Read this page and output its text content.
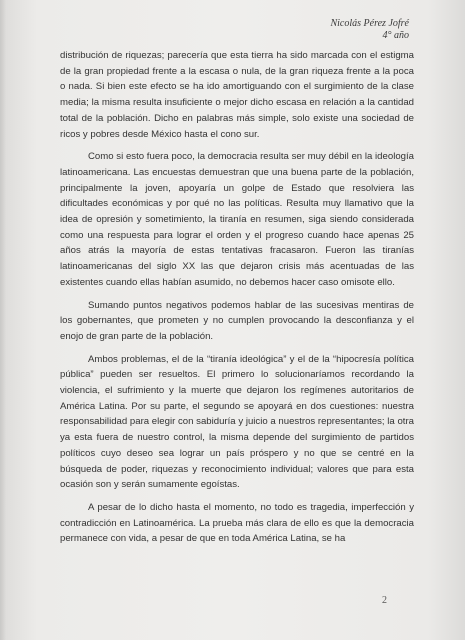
Nicolás Pérez Jofré
4° año

distribución de riquezas; parecería que esta tierra ha sido marcada con el estigma de la gran propiedad frente a la escasa o nula, de la gran riqueza frente a la poca o nada. Si bien este efecto se ha ido amortiguando con el surgimiento de la clase media; la misma resulta insuficiente o mejor dicho escasa en relación a la cantidad total de la población. Dicho en palabras más simple, solo existe una sociedad de ricos y pobres desde México hasta el cono sur.

Como si esto fuera poco, la democracia resulta ser muy débil en la ideología latinoamericana. Las encuestas demuestran que una buena parte de la población, principalmente la joven, apoyaría un golpe de Estado que resolviera las dificultades económicas y por qué no las políticas. Resulta muy llamativo que la idea de opresión y sometimiento, la tiranía en resumen, siga siendo considerada como una respuesta para lograr el orden y el progreso cuando hace apenas 25 años atrás la mayoría de estas tentativas fracasaron. Fueron las tiranías latinoamericanas del siglo XX las que dejaron crisis más acentuadas de las existentes cuando ellas habían asumido, no debemos hacer caso omisote ello.

Sumando puntos negativos podemos hablar de las sucesivas mentiras de los gobernantes, que prometen y no cumplen provocando la desconfianza y el enojo de gran parte de la población.

Ambos problemas, el de la “tiranía ideológica” y el de la “hipocresía política pública” pueden ser resueltos. El primero lo solucionaríamos recordando la violencia, el sufrimiento y la muerte que dejaron los regímenes autoritarios de América Latina. Por su parte, el segundo se apoyará en dos cuestiones: nuestra responsabilidad para elegir con sabiduría y juicio a nuestros representantes; la otra ya esta fuera de nuestro control, la misma depende del surgimiento de partidos políticos cuyo deseo sea lograr un país próspero y no que se centré en la búsqueda de poder, riquezas y reconocimiento individual; valores que para esta ocasión son y serán sumamente egoístas.

A pesar de lo dicho hasta el momento, no todo es tragedia, imperfección y contradicción en Latinoamérica. La prueba más clara de ello es que la democracia permanece con vida, a pesar de que en toda América Latina, se ha

2
